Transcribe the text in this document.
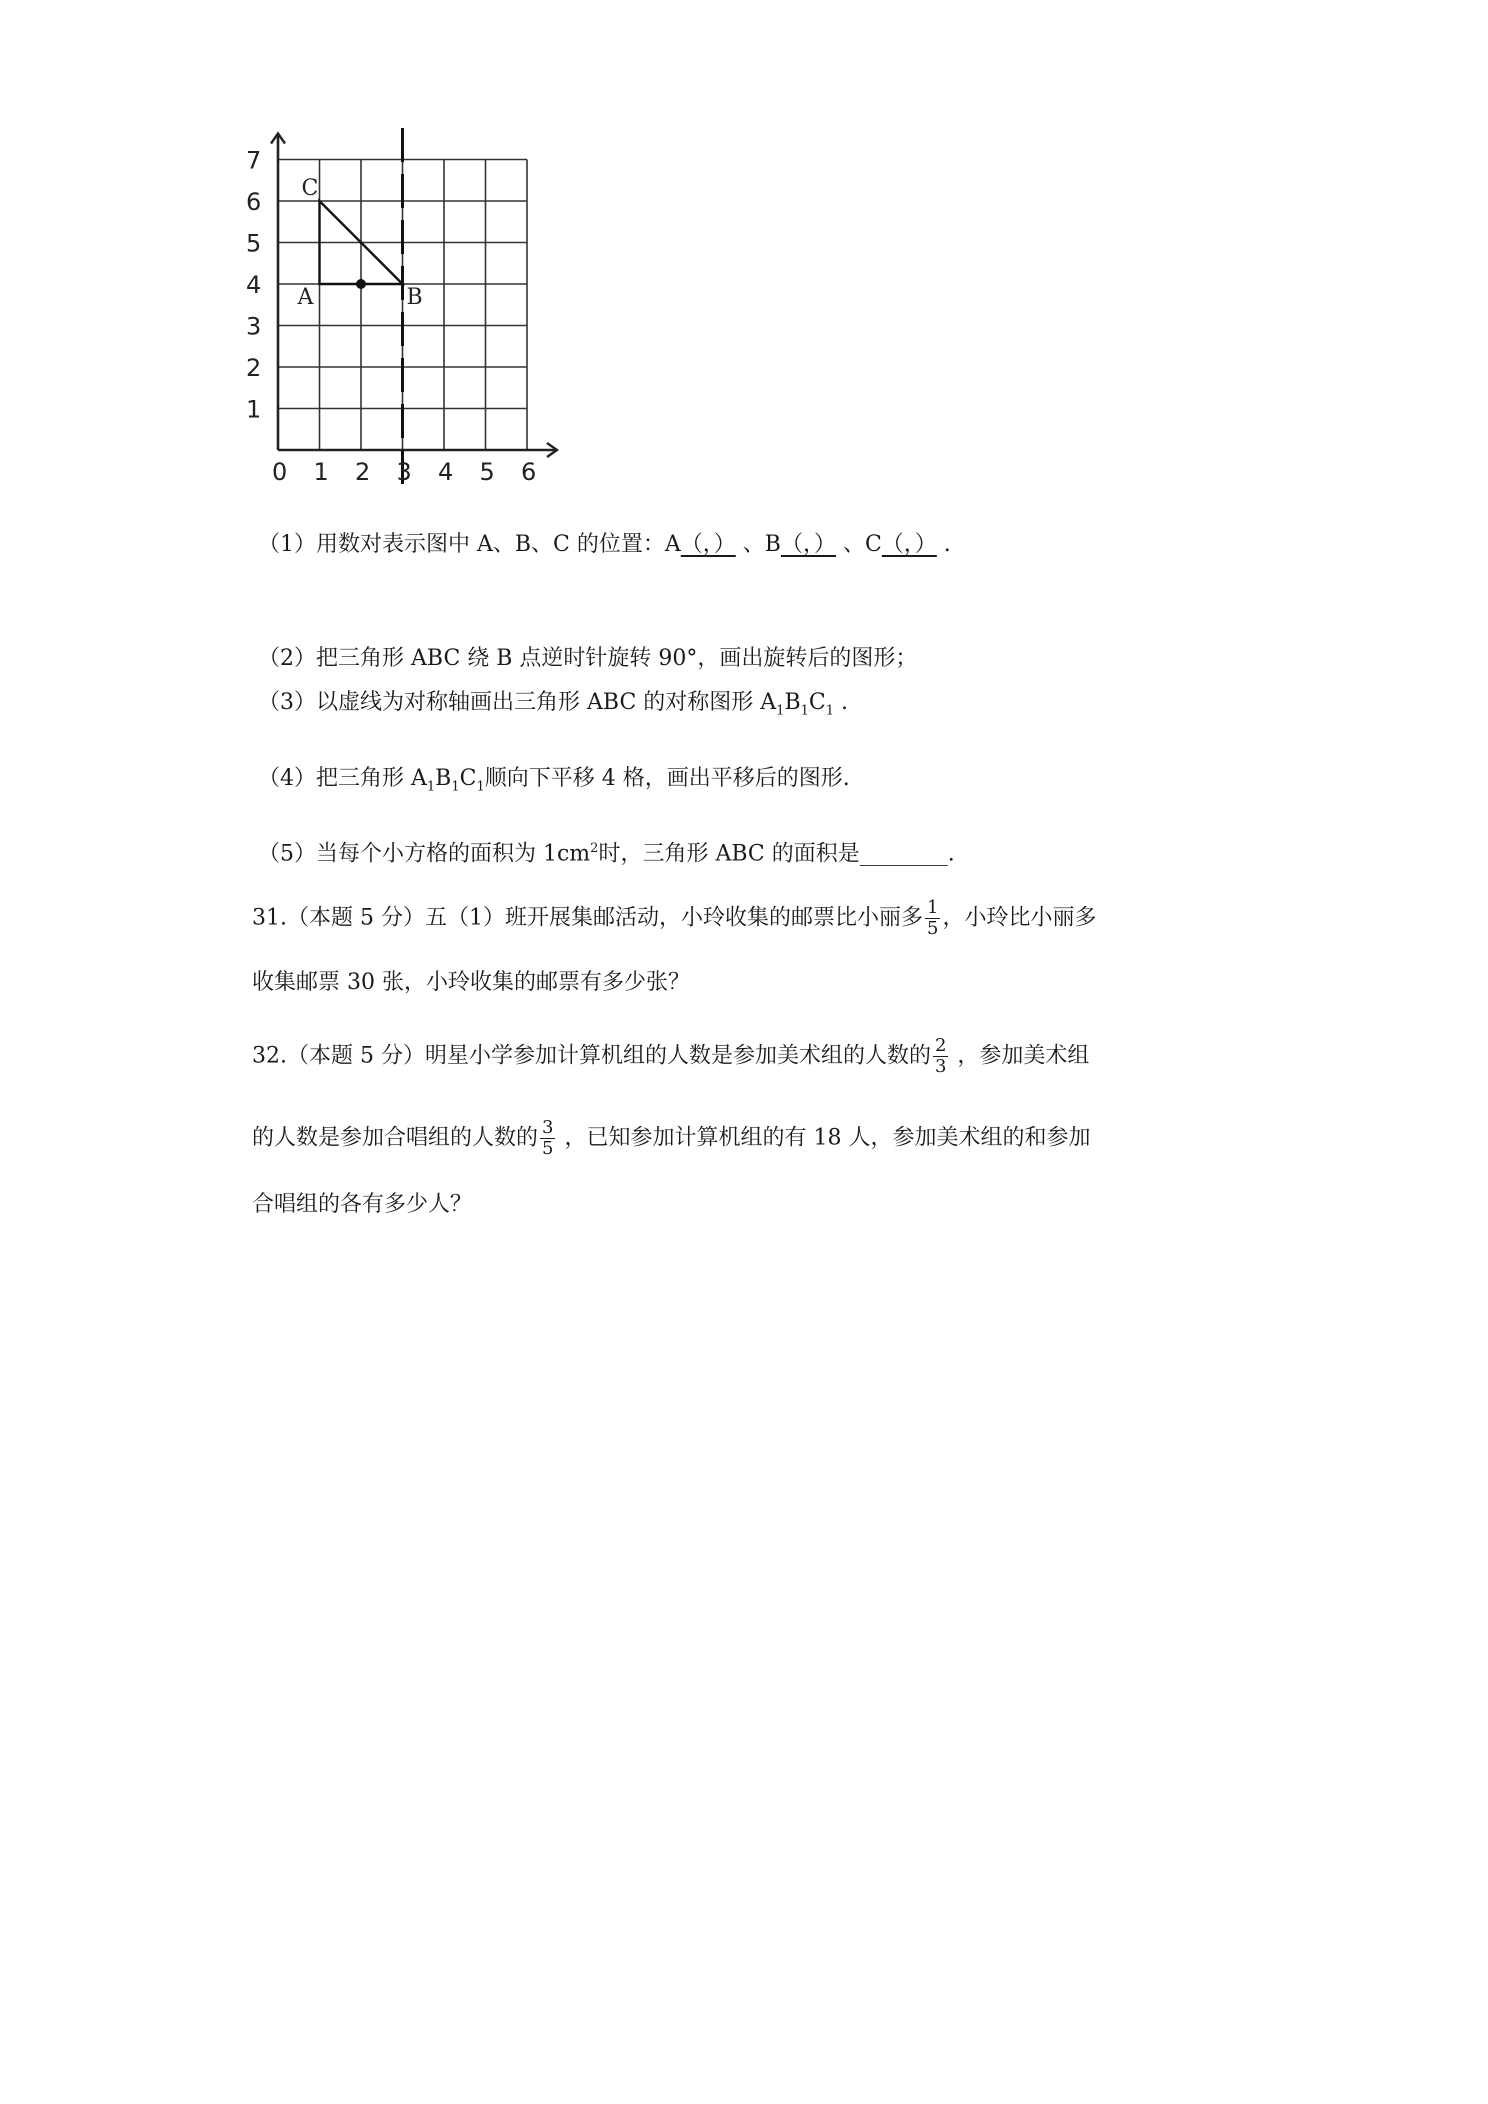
0 1 2 3 4 5 6
1
2
3
4
5
6
7
A	B
C
（1）用数对表示图中 A、B、C 的位置：A（，） 、B（，） 、C（，） .
（2）把三角形 ABC 绕 B 点逆时针旋转 90°，画出旋转后的图形；
（3）以虚线为对称轴画出三角形 ABC 的对称图形 $A_1B_1C_1$ .
（4）把三角形 $A_1B_1C_1$顺向下平移 4 格，画出平移后的图形.
（5）当每个小方格的面积为 $1cm^2$时，三角形 ABC 的面积是________.
31.（本题 5 分）五（1）班开展集邮活动，小玲收集的邮票比小丽多 $\frac{1}{5}$ ，小玲比小丽多
收集邮票 30 张，小玲收集的邮票有多少张？
32.（本题 5 分）明星小学参加计算机组的人数是参加美术组的人数的 $\frac{2}{3}$ ，参加美术组
的人数是参加合唱组的人数的 $\frac{3}{5}$ ，已知参加计算机组的有 18 人，参加美术组的和参加
合唱组的各有多少人？
